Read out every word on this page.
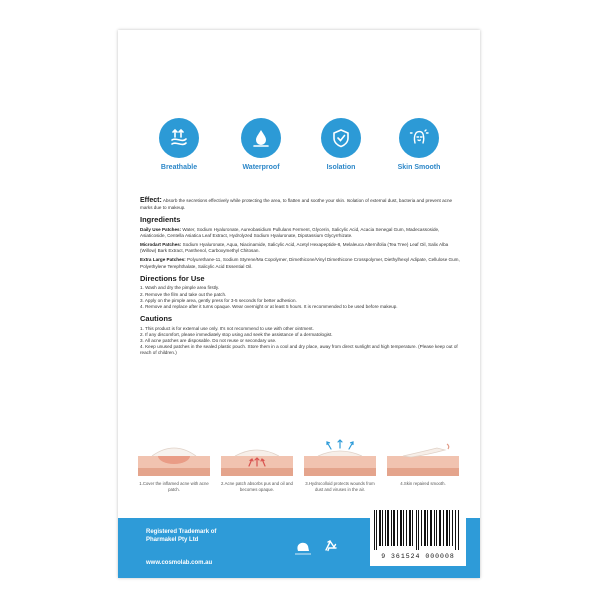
Breathable	Waterproof	Isolation	Skin Smooth

Effect: Absorb the secretions effectively while protecting the area, to flatten and soothe your skin. Isolation of external dust, bacteria and prevent acne marks due to makeup.

Ingredients

Daily Use Patches: Water, Sodium Hyaluronate, Aureobasidium Pullulans Ferment, Glycerin, Salicylic Acid, Acacia Senegal Gum, Madecassoside, Asiaticoside, Centella Asiatica Leaf Extract, Hydrolyzed Sodium Hyaluronate, Dipotassium Glycyrrhizate.

Microdart Patches: Sodium Hyaluronate, Aqua, Niacinamide, Salicylic Acid, Acetyl Hexapeptide-8, Melaleuca Alternifolia (Tea Tree) Leaf Oil, Salix Alba (Willow) Bark Extract, Panthenol, Carboxymethyl Chitosan.

Extra Large Patches: Polyurethane-11, Sodium Styrene/Ma Copolymer, Dimethicone/Vinyl Dimethicone Crosspolymer, Diethylhexyl Adipate, Cellulose Gum, Polyethylene Terephthalate, Salicylic Acid Essential Oil.

Directions for Use
1. Wash and dry the pimple area firstly.
2. Remove the film and take out the patch.
3. Apply on the pimple area, gently press for 3-5 seconds for better adhesion.
4. Remove and replace after it turns opaque. Wear overnight or at least 5 hours. It is recommended to be used before makeup.
Cautions
1. This product is for external use only. It's not recommend to use with other ointment.
2. If any discomfort, please immediately stop using and seek the assistance of a dermatologist.
3. All acne patches are disposable. Do not reuse or secondary use.
4. Keep unused patches in the sealed plastic pouch. Store them in a cool and dry place, away from direct sunlight and high temperature. (Please keep out of reach of children.)
1.Cover the inflamed acne with acne patch.
2.Acne patch absorbs pus and oil and becomes opaque.
3.Hydrocolloid protects wounds from dust and viruses in the air.
4.Skin repaired smooth.
Registered Trademark of
Pharmakel Pty Ltd
www.cosmolab.com.au
9 361524 000008
